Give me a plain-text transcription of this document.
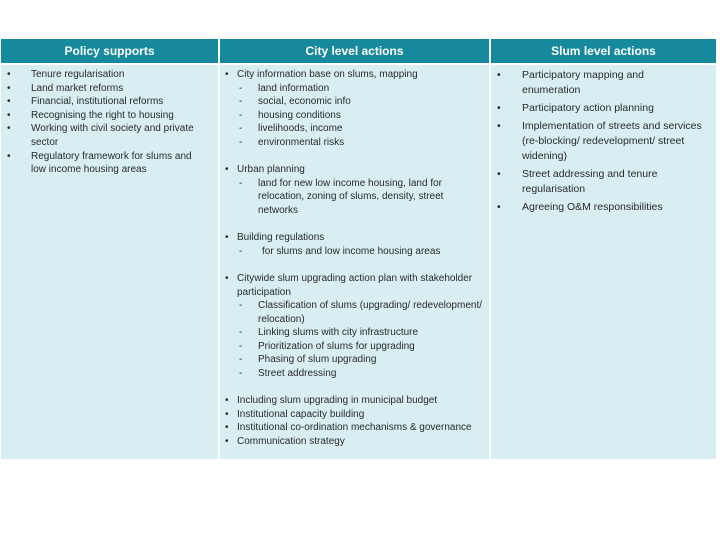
Policy supports	City level actions	Slum level actions
• Tenure regularisation
• Land market reforms
• Financial, institutional reforms
• Recognising the right to housing
• Working with civil society and private sector
• Regulatory framework for slums and low income housing areas
• City information base on slums, mapping
- land information
- social, economic info
- housing conditions
- livelihoods, income
- environmental risks
• Urban planning
- land for new low income housing, land for relocation, zoning of slums, density, street networks
• Building regulations
- for slums and low income housing areas
• Citywide slum upgrading action plan with stakeholder participation
- Classification of slums (upgrading/ redevelopment/ relocation)
- Linking slums with city infrastructure
- Prioritization of slums for upgrading
- Phasing of slum upgrading
- Street addressing
• Including slum upgrading in municipal budget
• Institutional capacity building
• Institutional co-ordination mechanisms & governance
• Communication strategy
• Participatory mapping and enumeration
• Participatory action planning
• Implementation of streets and services (re-blocking/ redevelopment/ street widening)
• Street addressing and tenure regularisation
• Agreeing O&M responsibilities
